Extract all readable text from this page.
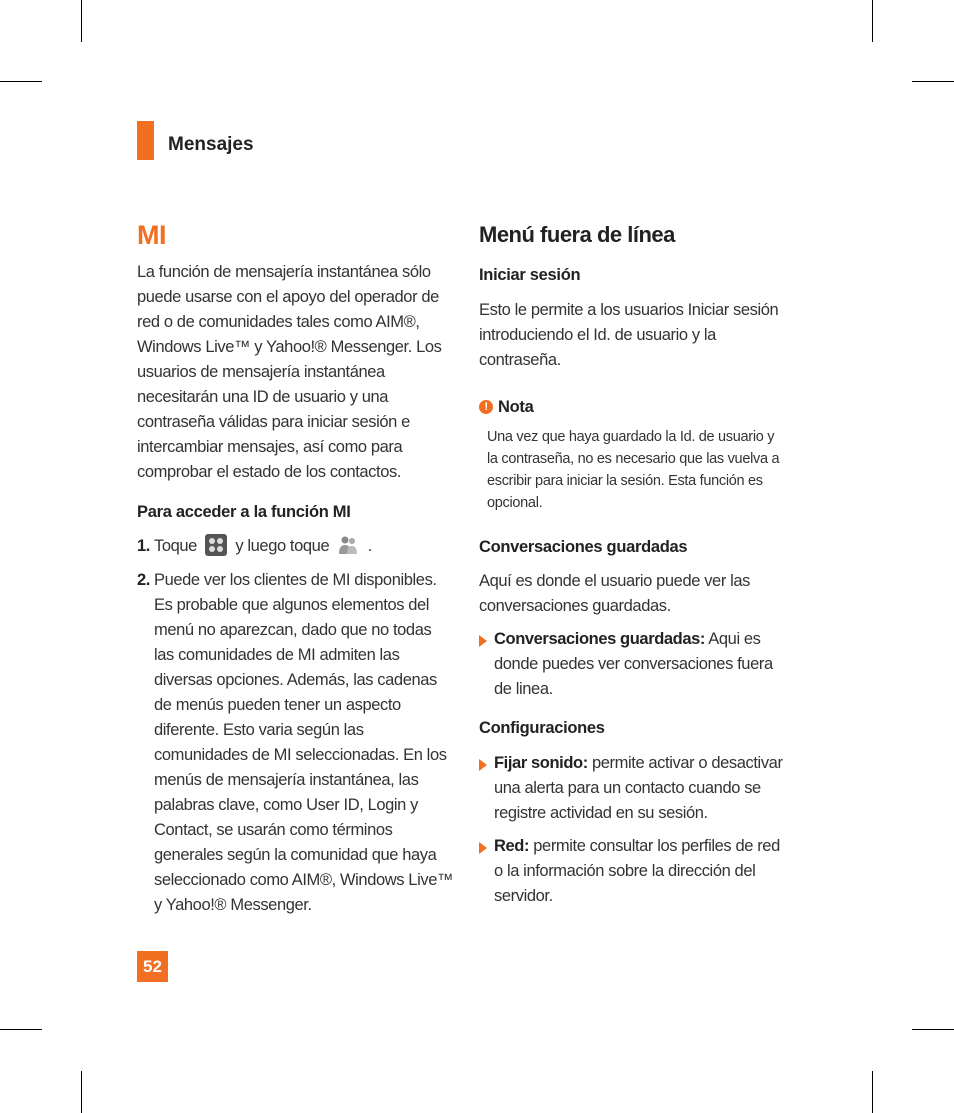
Mensajes
MI
La función de mensajería instantánea sólo puede usarse con el apoyo del operador de red o de comunidades tales como AIM®, Windows Live™ y Yahoo!® Messenger. Los usuarios de mensajería instantánea necesitarán una ID de usuario y una contraseña válidas para iniciar sesión e intercambiar mensajes, así como para comprobar el estado de los contactos.
Para acceder a la función MI
1. Toque y luego toque .
2. Puede ver los clientes de MI disponibles. Es probable que algunos elementos del menú no aparezcan, dado que no todas las comunidades de MI admiten las diversas opciones. Además, las cadenas de menús pueden tener un aspecto diferente. Esto varia según las comunidades de MI seleccionadas. En los menús de mensajería instantánea, las palabras clave, como User ID, Login y Contact, se usarán como términos generales según la comunidad que haya seleccionado como AIM®, Windows Live™ y Yahoo!® Messenger.
Menú fuera de línea
Iniciar sesión
Esto le permite a los usuarios Iniciar sesión introduciendo el Id. de usuario y la contraseña.
! Nota
Una vez que haya guardado la Id. de usuario y la contraseña, no es necesario que las vuelva a escribir para iniciar la sesión. Esta función es opcional.
Conversaciones guardadas
Aquí es donde el usuario puede ver las conversaciones guardadas.
Conversaciones guardadas: Aqui es donde puedes ver conversaciones fuera de linea.
Configuraciones
Fijar sonido: permite activar o desactivar una alerta para un contacto cuando se registre actividad en su sesión.
Red: permite consultar los perfiles de red o la información sobre la dirección del servidor.
52
